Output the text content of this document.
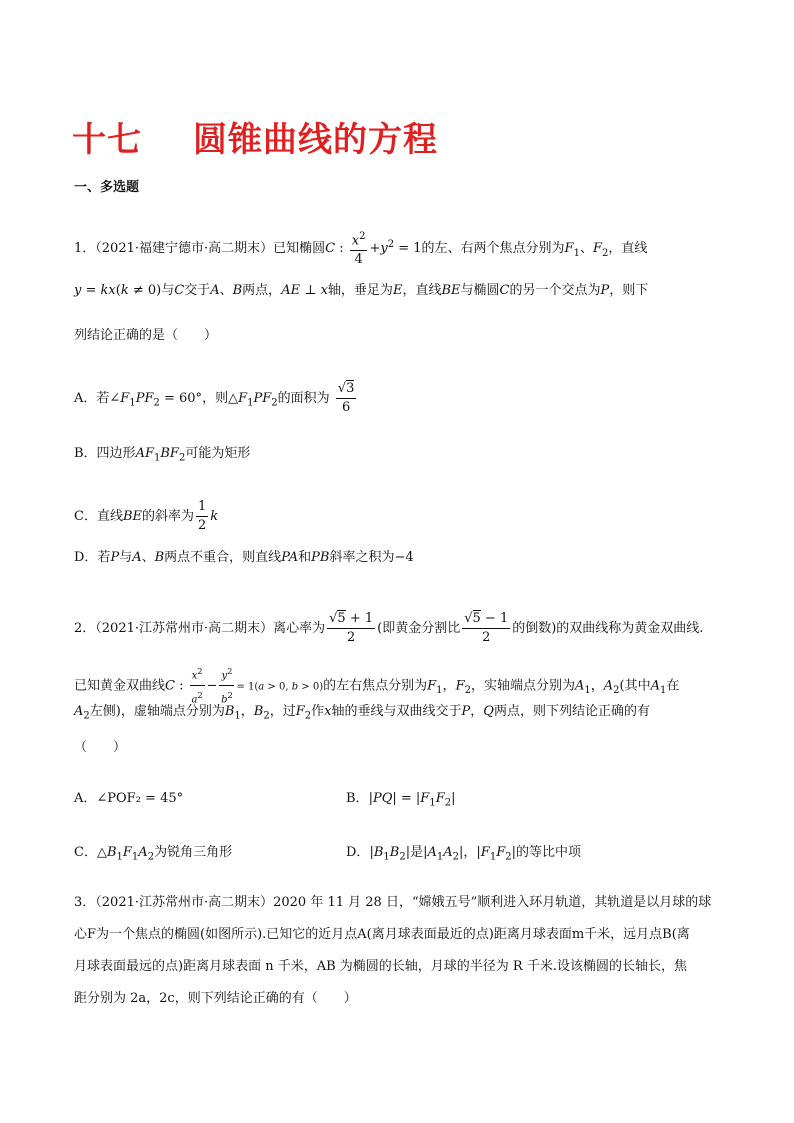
十七 圆锥曲线的方程
一、多选题
1．（2021·福建宁德市·高二期末）已知椭圆C : $\frac{x^2}{4} +y^2 = 1$的左、右两个焦点分别为$F_1$、$F_2$，直线
y = kx(k ≠ 0)与C交于A、B两点，AE ⊥ x轴，垂足为E，直线BE与椭圆C的另一个交点为P，则下
列结论正确的是（　　）
A．若$\angle F_1PF_2 = 60^\circ$，则$\triangle F_1PF_2$的面积为 $\frac{√3}{6}$
B．四边形$AF_1BF_2$可能为矩形
C．直线BE的斜率为 $\frac{1}{2}$ k
D．若P与A、B两点不重合，则直线PA和PB斜率之积为−4
2．（2021·江苏常州市·高二期末）离心率为 $\frac{√5 + 1}{2}$ (即黄金分割比 $\frac{√5 - 1}{2}$ 的倒数)的双曲线称为黄金双曲线.
已知黄金双曲线C : $\frac{x^2}{a^2} - \frac{y^2}{b^2} = 1(a > 0$, b > 0)的左右焦点分别为$F_1$，$F_2$，实轴端点分别为$A_1$，$A_2$(其中$A_1$在
$A_2$左侧)，虚轴端点分别为$B_1$，$B_2$，过$F_2$作x轴的垂线与双曲线交于P，Q两点，则下列结论正确的有
（　　）
A．∠POF₂ = 45°	B．$|PQ| = |F_1F_2|$
C．$\triangle B_1F_1A_2$为锐角三角形	D．$|B_1B_2|$是$|A_1A_2|$，$|F_1F_2|$的等比中项
3．（2021·江苏常州市·高二期末）2020 年 11 月 28 日，“嫦娥五号”顺利进入环月轨道，其轨道是以月球的球
心F为一个焦点的椭圆(如图所示).已知它的近月点A(离月球表面最近的点)距离月球表面m千米，远月点B(离
月球表面最远的点)距离月球表面 n 千米，AB 为椭圆的长轴，月球的半径为 R 千米.设该椭圆的长轴长，焦
距分别为 2a，2c，则下列结论正确的有（　　）
